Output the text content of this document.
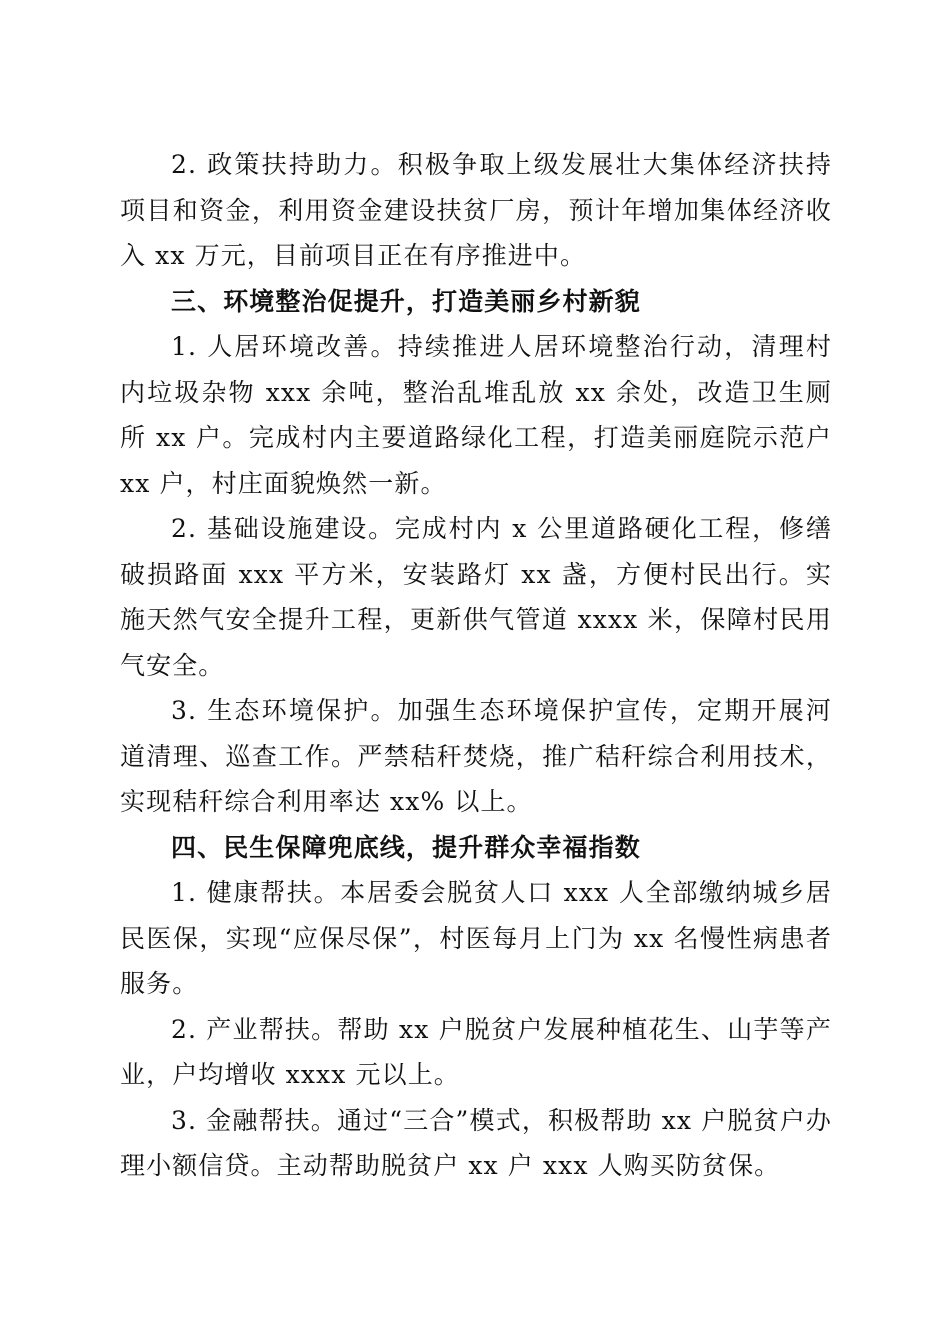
2. 政策扶持助力。积极争取上级发展壮大集体经济扶持项目和资金，利用资金建设扶贫厂房，预计年增加集体经济收入 xx 万元，目前项目正在有序推进中。

三、环境整治促提升，打造美丽乡村新貌

1. 人居环境改善。持续推进人居环境整治行动，清理村内垃圾杂物 xxx 余吨，整治乱堆乱放 xx 余处，改造卫生厕所 xx 户。完成村内主要道路绿化工程，打造美丽庭院示范户 xx 户，村庄面貌焕然一新。

2. 基础设施建设。完成村内 x 公里道路硬化工程，修缮破损路面 xxx 平方米，安装路灯 xx 盏，方便村民出行。实施天然气安全提升工程，更新供气管道 xxxx 米，保障村民用气安全。

3. 生态环境保护。加强生态环境保护宣传，定期开展河道清理、巡查工作。严禁秸秆焚烧，推广秸秆综合利用技术，实现秸秆综合利用率达 xx% 以上。

四、民生保障兜底线，提升群众幸福指数

1. 健康帮扶。本居委会脱贫人口 xxx 人全部缴纳城乡居民医保，实现“应保尽保”，村医每月上门为 xx 名慢性病患者服务。

2. 产业帮扶。帮助 xx 户脱贫户发展种植花生、山芋等产业，户均增收 xxxx 元以上。

3. 金融帮扶。通过“三合”模式，积极帮助 xx 户脱贫户办理小额信贷。主动帮助脱贫户 xx 户 xxx 人购买防贫保。
